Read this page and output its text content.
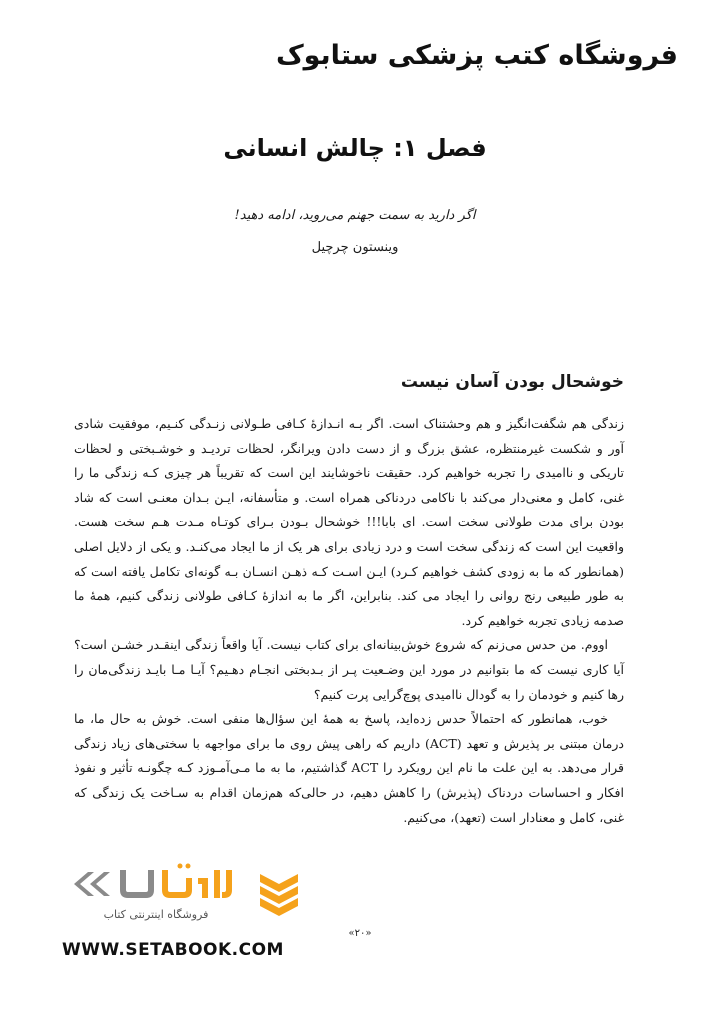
فروشگاه کتب پزشکی ستابوک
فصل ۱: چالش انسانی
اگر دارید به سمت جهنم می‌روید، ادامه دهید!
وینستون چرچیل
خوشحال بودن آسان نیست

زندگی هم شگفت‌انگیز و هم وحشتناک است. اگر بـه انـدازۀ کـافی طـولانی زنـدگی کنـیم، موفقیت شادی آور و شکست غیرمنتظره، عشق بزرگ و از دست دادن ویرانگر، لحظات تردیـد و خوشـبختی و لحظات تاریکی و ناامیدی را تجربه خواهیم کرد. حقیقت ناخوشایند این است که تقریباً هر چیزی کـه زندگی ما را غنی، کامل و معنی‌دار می‌کند با ناکامی دردناکی همراه است. و متأسفانه، ایـن بـدان معنـی است که شاد بودن برای مدت طولانی سخت است. ای بابا!!! خوشحال بـودن بـرای کوتـاه مـدت هـم سخت هست. واقعیت این است که زندگی سخت است و درد زیادی برای هر یک از ما ایجاد می‌کنـد. و یکی از دلایل اصلی (همانطور که ما به زودی کشف خواهیم کـرد) ایـن اسـت کـه ذهـن انسـان بـه گونه‌ای تکامل یافته است که به طور طبیعی رنج روانی را ایجاد می کند. بنابراین، اگر ما به اندازۀ کـافی طولانی زندگی کنیم، همۀ ما صدمه زیادی تجربه خواهیم کرد.

اووم. من حدس می‌زنم که شروع خوش‌بینانه‌ای برای کتاب نیست. آیا واقعاً زندگی اینقـدر خشـن است؟ آیا کاری نیست که ما بتوانیم در مورد این وضـعیت پـر از بـدبختی انجـام دهـیم؟ آیـا مـا بایـد زندگی‌مان را رها کنیم و خودمان را به گودال ناامیدی پوچ‌گرایی پرت کنیم؟

خوب، همانطور که احتمالاً حدس زده‌اید، پاسخ به همۀ این سؤال‌ها منفی است. خوش به حال ما، ما درمان مبتنی بر پذیرش و تعهد (ACT) داریم که راهی پیش روی ما برای مواجهه با سختی‌های زیاد زندگی قرار می‌دهد. به این علت ما نام این رویکرد را ACT گذاشتیم، ما به ما مـی‌آمـوزد کـه چگونـه تأثیر و نفوذ افکار و احساسات دردناک (پذیرش) را کاهش دهیم، در حالی‌که هم‌زمان اقدام به سـاخت یک زندگی که غنی، کامل و معنادار است (تعهد)، می‌کنیم.

فروشگاه اینترنتی کتاب
WWW.SETABOOK.COM
«۲۰»
